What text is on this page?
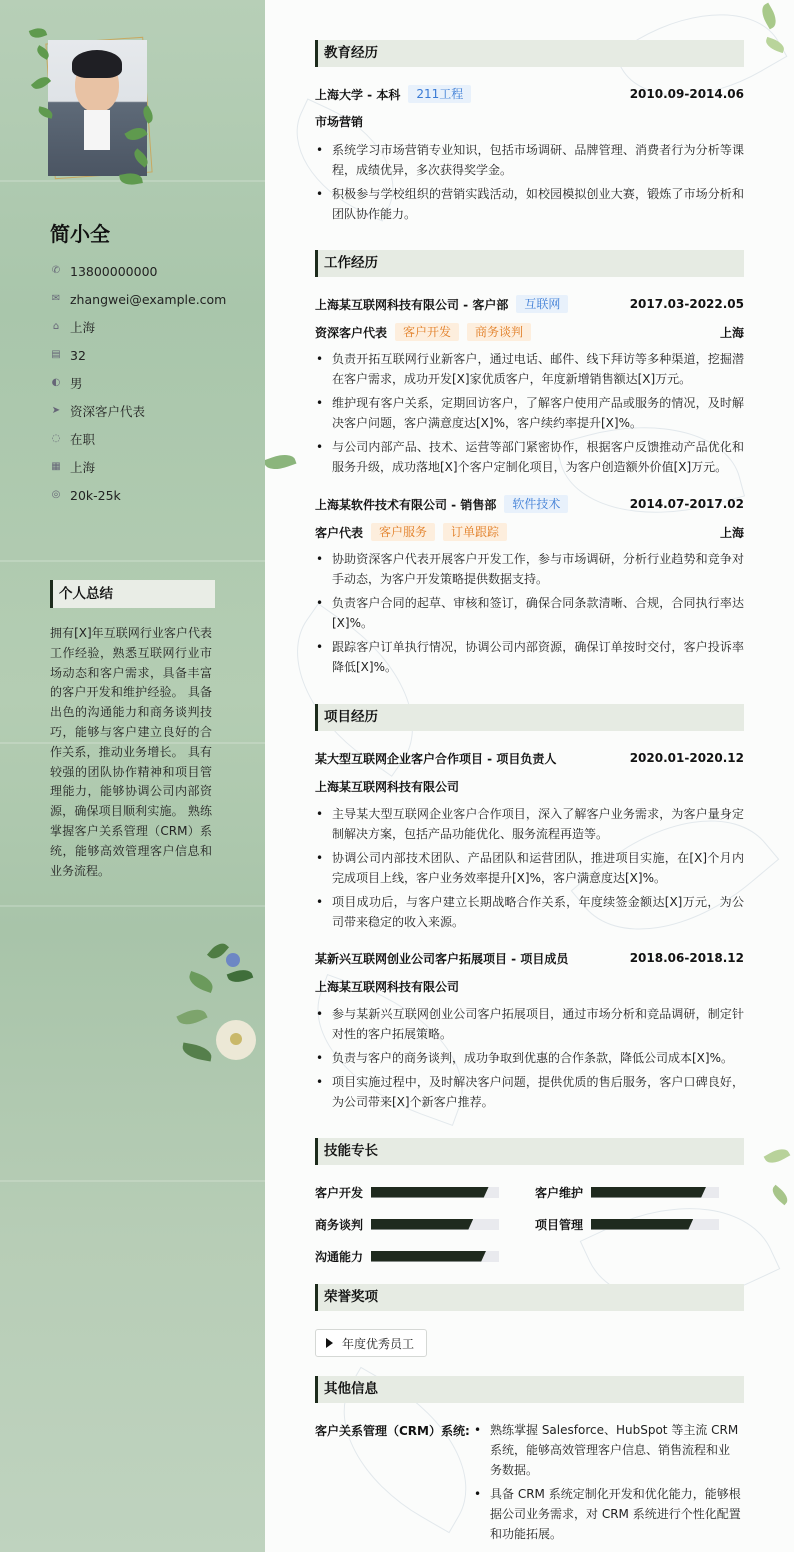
简小全
✆ 13800000000
✉ zhangwei@example.com
⌂ 上海
▤ 32
◐ 男
➤ 资深客户代表
◌ 在职
▦ 上海
◎ 20k-25k
个人总结
拥有[X]年互联网行业客户代表工作经验，熟悉互联网行业市场动态和客户需求，具备丰富的客户开发和维护经验。 具备出色的沟通能力和商务谈判技巧，能够与客户建立良好的合作关系，推动业务增长。 具有较强的团队协作精神和项目管理能力，能够协调公司内部资源，确保项目顺利实施。 熟练掌握客户关系管理（CRM）系统，能够高效管理客户信息和业务流程。
教育经历
上海大学 - 本科	211工程	2010.09-2014.06
市场营销
• 系统学习市场营销专业知识，包括市场调研、品牌管理、消费者行为分析等课程，成绩优异，多次获得奖学金。
• 积极参与学校组织的营销实践活动，如校园模拟创业大赛，锻炼了市场分析和团队协作能力。
工作经历
上海某互联网科技有限公司 - 客户部	互联网	2017.03-2022.05
资深客户代表	客户开发	商务谈判	上海
• 负责开拓互联网行业新客户，通过电话、邮件、线下拜访等多种渠道，挖掘潜在客户需求，成功开发[X]家优质客户，年度新增销售额达[X]万元。
• 维护现有客户关系，定期回访客户，了解客户使用产品或服务的情况，及时解决客户问题，客户满意度达[X]%，客户续约率提升[X]%。
• 与公司内部产品、技术、运营等部门紧密协作，根据客户反馈推动产品优化和服务升级，成功落地[X]个客户定制化项目，为客户创造额外价值[X]万元。
上海某软件技术有限公司 - 销售部	软件技术	2014.07-2017.02
客户代表	客户服务	订单跟踪	上海
• 协助资深客户代表开展客户开发工作，参与市场调研，分析行业趋势和竞争对手动态，为客户开发策略提供数据支持。
• 负责客户合同的起草、审核和签订，确保合同条款清晰、合规，合同执行率达[X]%。
• 跟踪客户订单执行情况，协调公司内部资源，确保订单按时交付，客户投诉率降低[X]%。
项目经历
某大型互联网企业客户合作项目 - 项目负责人	2020.01-2020.12
上海某互联网科技有限公司
• 主导某大型互联网企业客户合作项目，深入了解客户业务需求，为客户量身定制解决方案，包括产品功能优化、服务流程再造等。
• 协调公司内部技术团队、产品团队和运营团队，推进项目实施，在[X]个月内完成项目上线，客户业务效率提升[X]%，客户满意度达[X]%。
• 项目成功后，与客户建立长期战略合作关系，年度续签金额达[X]万元，为公司带来稳定的收入来源。
某新兴互联网创业公司客户拓展项目 - 项目成员	2018.06-2018.12
上海某互联网科技有限公司
• 参与某新兴互联网创业公司客户拓展项目，通过市场分析和竞品调研，制定针对性的客户拓展策略。
• 负责与客户的商务谈判，成功争取到优惠的合作条款，降低公司成本[X]%。
• 项目实施过程中，及时解决客户问题，提供优质的售后服务，客户口碑良好，为公司带来[X]个新客户推荐。
技能专长
客户开发	客户维护
商务谈判	项目管理
沟通能力
荣誉奖项
年度优秀员工
其他信息
客户关系管理（CRM）系统:
•	熟练掌握 Salesforce、HubSpot 等主流 CRM 系统，能够高效管理客户信息、销售流程和业务数据。
• 具备 CRM 系统定制化开发和优化能力，能够根据公司业务需求，对 CRM 系统进行个性化配置和功能拓展。
